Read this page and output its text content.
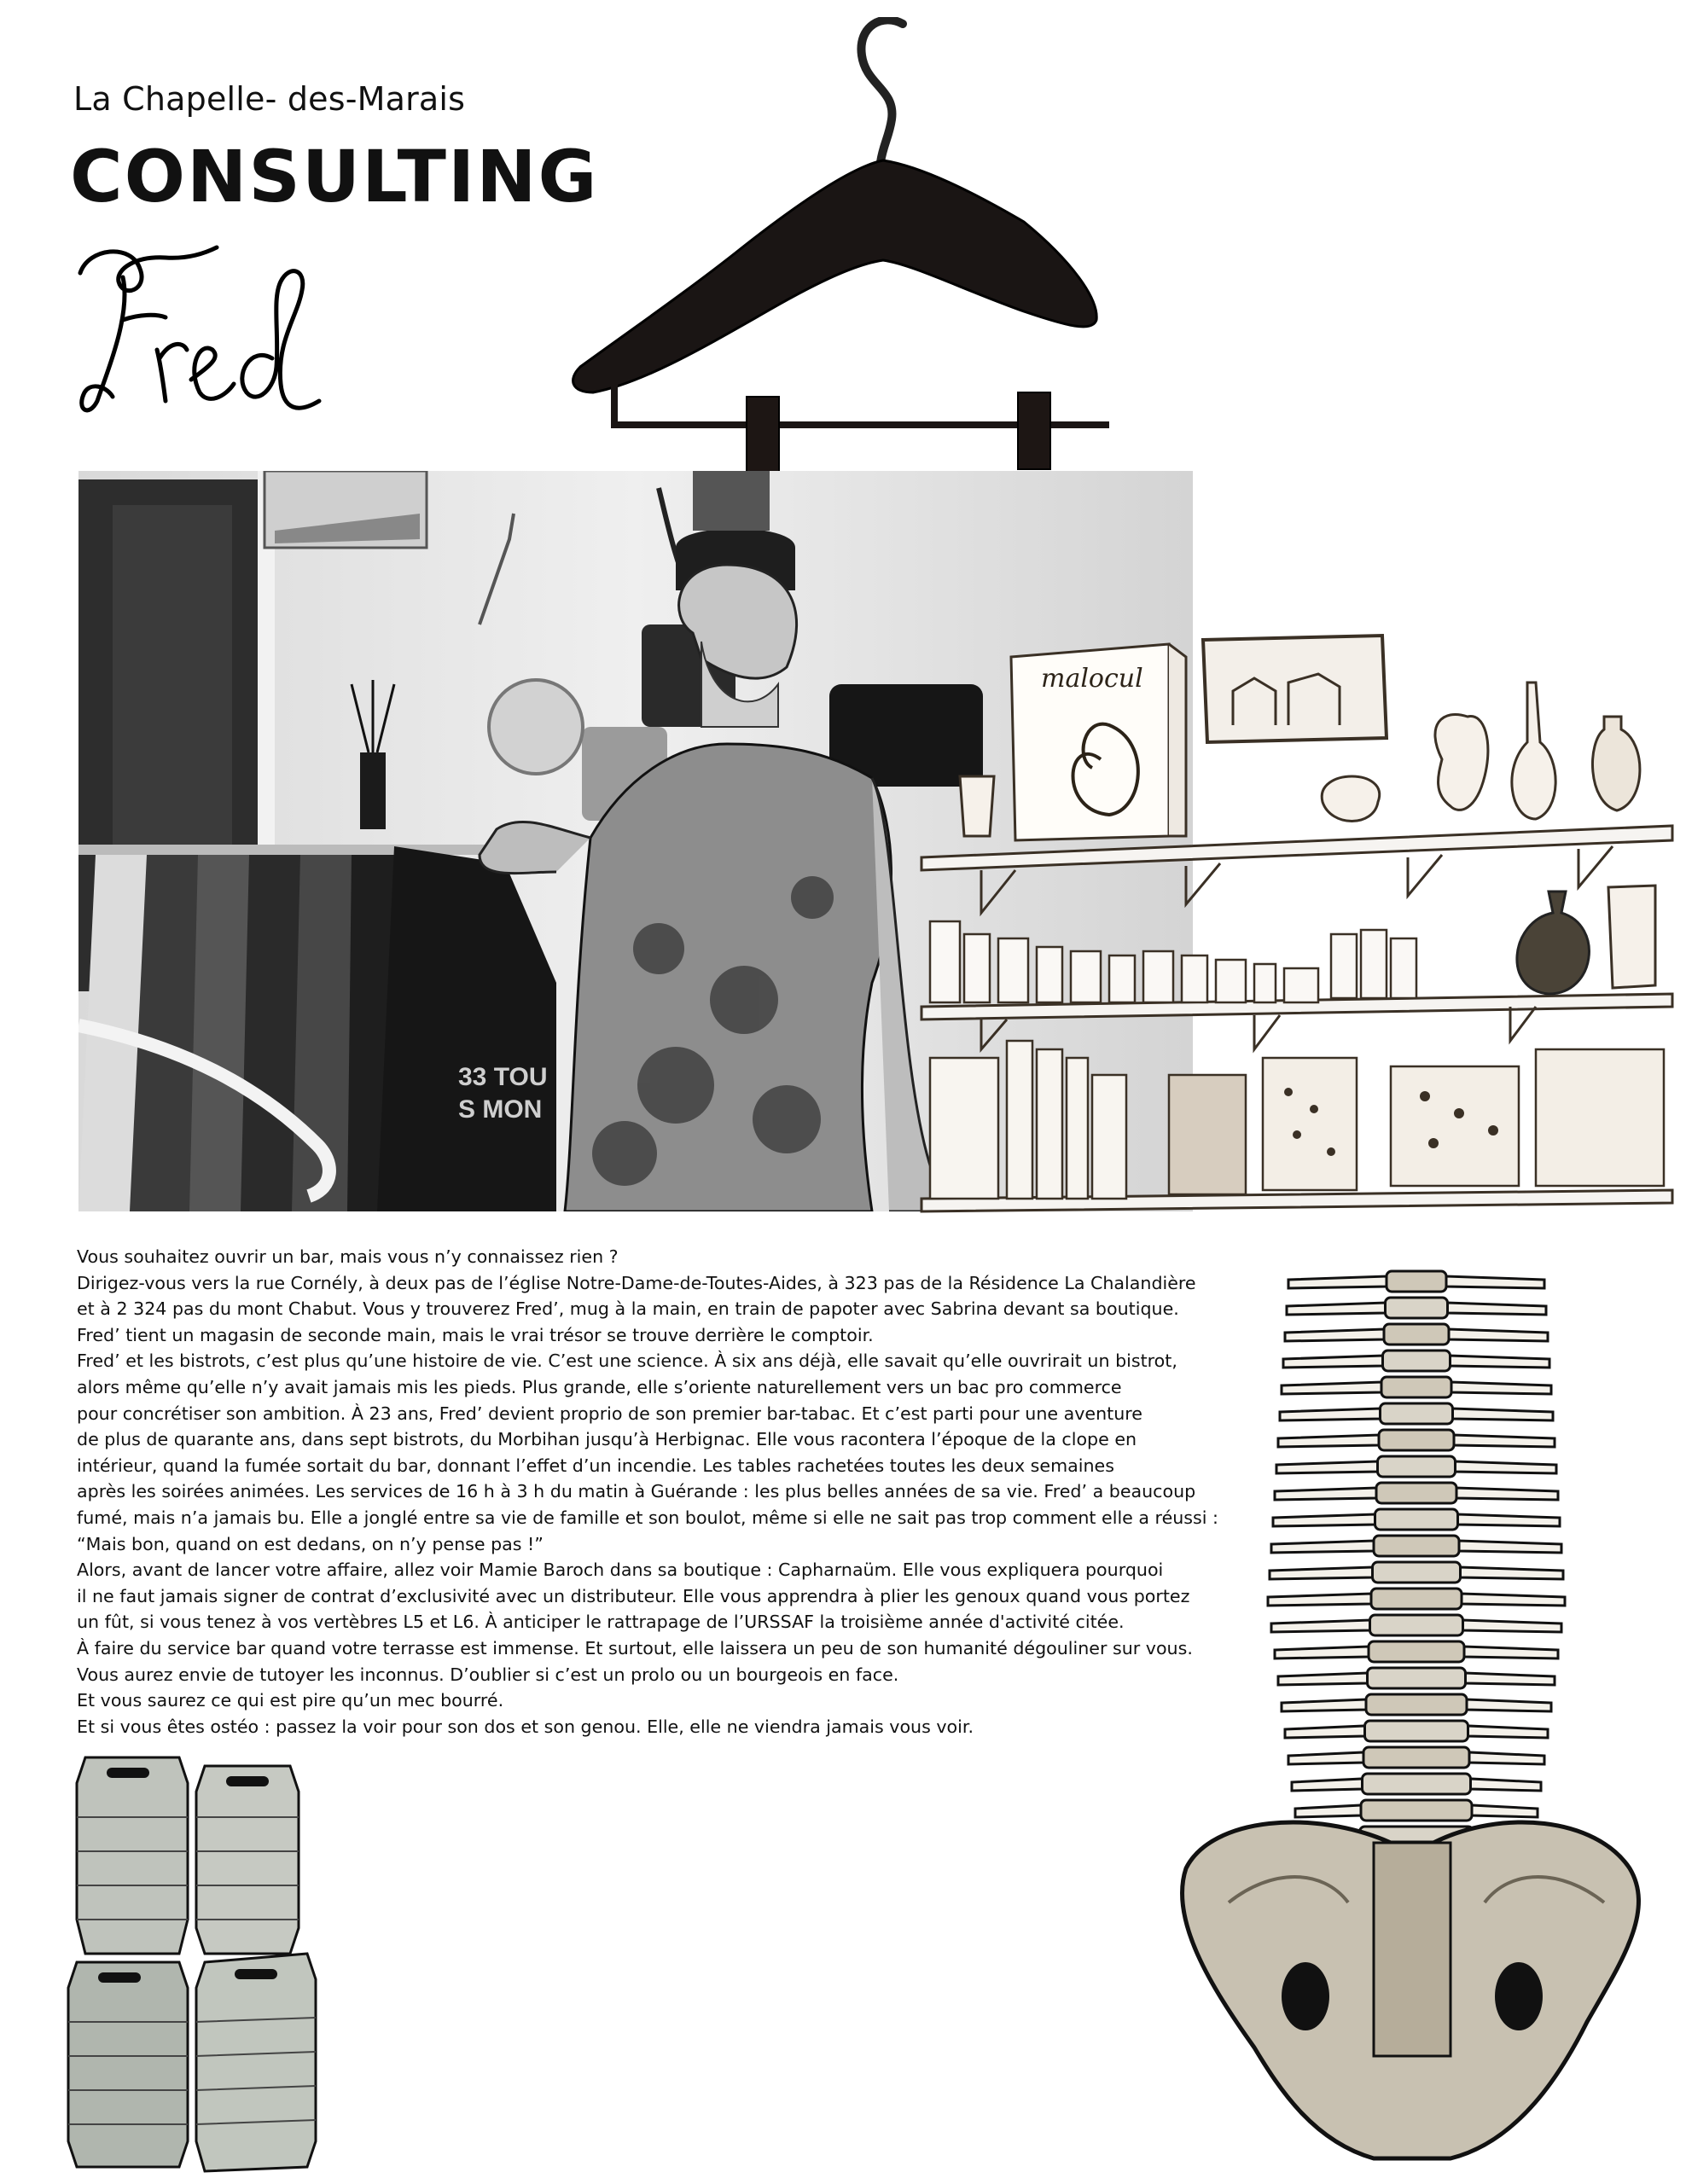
La Chapelle- des-Marais
CONSULTING
33 TOU
S MON
malocul

Vous souhaitez ouvrir un bar, mais vous n’y connaissez rien ?

Dirigez-vous vers la rue Cornély, à deux pas de l’église Notre-Dame-de-Toutes-Aides, à 323 pas de la Résidence La Chalandière

et à 2 324 pas du mont Chabut. Vous y trouverez Fred’, mug à la main, en train de papoter avec Sabrina devant sa boutique.

Fred’ tient un magasin de seconde main, mais le vrai trésor se trouve derrière le comptoir.

Fred’ et les bistrots, c’est plus qu’une histoire de vie. C’est une science. À six ans déjà, elle savait qu’elle ouvrirait un bistrot,

alors même qu’elle n’y avait jamais mis les pieds. Plus grande, elle s’oriente naturellement vers un bac pro commerce

pour concrétiser son ambition. À 23 ans, Fred’ devient proprio de son premier bar-tabac. Et c’est parti pour une aventure

de plus de quarante ans, dans sept bistrots, du Morbihan jusqu’à Herbignac. Elle vous racontera l’époque de la clope en

intérieur, quand la fumée sortait du bar, donnant l’effet d’un incendie. Les tables rachetées toutes les deux semaines

après les soirées animées. Les services de 16 h à 3 h du matin à Guérande : les plus belles années de sa vie. Fred’ a beaucoup

fumé, mais n’a jamais bu. Elle a jonglé entre sa vie de famille et son boulot, même si elle ne sait pas trop comment elle a réussi :

“Mais bon, quand on est dedans, on n’y pense pas !”

Alors, avant de lancer votre affaire, allez voir Mamie Baroch dans sa boutique : Capharnaüm. Elle vous expliquera pourquoi

il ne faut jamais signer de contrat d’exclusivité avec un distributeur. Elle vous apprendra à plier les genoux quand vous portez

un fût, si vous tenez à vos vertèbres L5 et L6. À anticiper le rattrapage de l’URSSAF la troisième année d'activité citée.

À faire du service bar quand votre terrasse est immense. Et surtout, elle laissera un peu de son humanité dégouliner sur vous.

Vous aurez envie de tutoyer les inconnus. D’oublier si c’est un prolo ou un bourgeois en face.

Et vous saurez ce qui est pire qu’un mec bourré.

Et si vous êtes ostéo : passez la voir pour son dos et son genou. Elle, elle ne viendra jamais vous voir.
